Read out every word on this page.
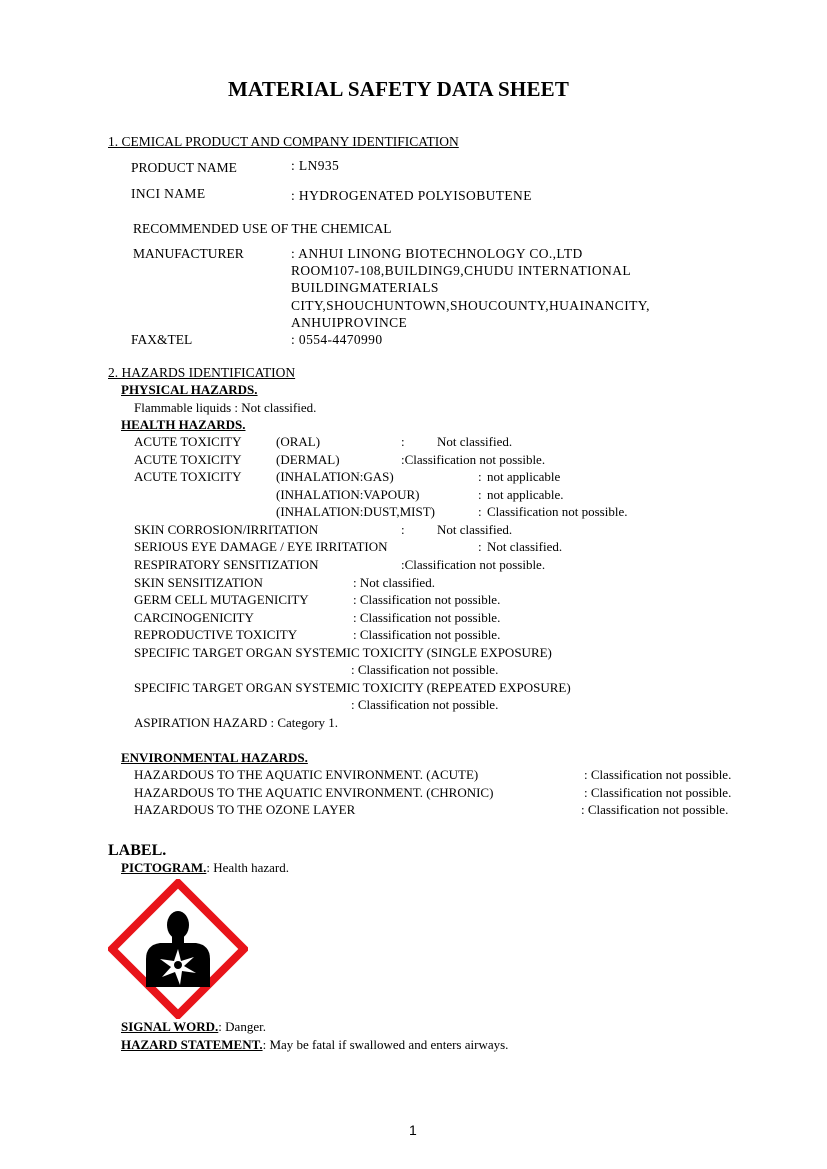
MATERIAL SAFETY DATA SHEET
1. CEMICAL PRODUCT AND COMPANY IDENTIFICATION
PRODUCT NAME	: LN935
INCI NAME	: HYDROGENATED POLYISOBUTENE
RECOMMENDED USE OF THE CHEMICAL
MANUFACTURER	: ANHUI LINONG BIOTECHNOLOGY CO.,LTD
ROOM107-108,BUILDING9,CHUDU INTERNATIONAL
BUILDINGMATERIALS
CITY,SHOUCHUNTOWN,SHOUCOUNTY,HUAINANCITY,
ANHUIPROVINCE
FAX&TEL	: 0554-4470990
2. HAZARDS IDENTIFICATION
PHYSICAL HAZARDS.
Flammable liquids : Not classified.
HEALTH HAZARDS.
ACUTE TOXICITY	(ORAL)	: Not classified.
ACUTE TOXICITY	(DERMAL)	:Classification not possible.
ACUTE TOXICITY	(INHALATION:GAS)	: not applicable
(INHALATION:VAPOUR)	: not applicable.
(INHALATION:DUST,MIST)	: Classification not possible.
SKIN CORROSION/IRRITATION	: Not classified.
SERIOUS EYE DAMAGE / EYE IRRITATION	: Not classified.
RESPIRATORY SENSITIZATION	:Classification not possible.
SKIN SENSITIZATION	: Not classified.
GERM CELL MUTAGENICITY	: Classification not possible.
CARCINOGENICITY	: Classification not possible.
REPRODUCTIVE TOXICITY	: Classification not possible.
SPECIFIC TARGET ORGAN SYSTEMIC TOXICITY (SINGLE EXPOSURE)
: Classification not possible.
SPECIFIC TARGET ORGAN SYSTEMIC TOXICITY (REPEATED EXPOSURE)
: Classification not possible.
ASPIRATION HAZARD : Category 1.
ENVIRONMENTAL HAZARDS.
HAZARDOUS TO THE AQUATIC ENVIRONMENT. (ACUTE)	: Classification not possible.
HAZARDOUS TO THE AQUATIC ENVIRONMENT. (CHRONIC)	: Classification not possible.
HAZARDOUS TO THE OZONE LAYER	: Classification not possible.
LABEL.
PICTOGRAM.: Health hazard.
SIGNAL WORD.: Danger.
HAZARD STATEMENT.: May be fatal if swallowed and enters airways.
1
